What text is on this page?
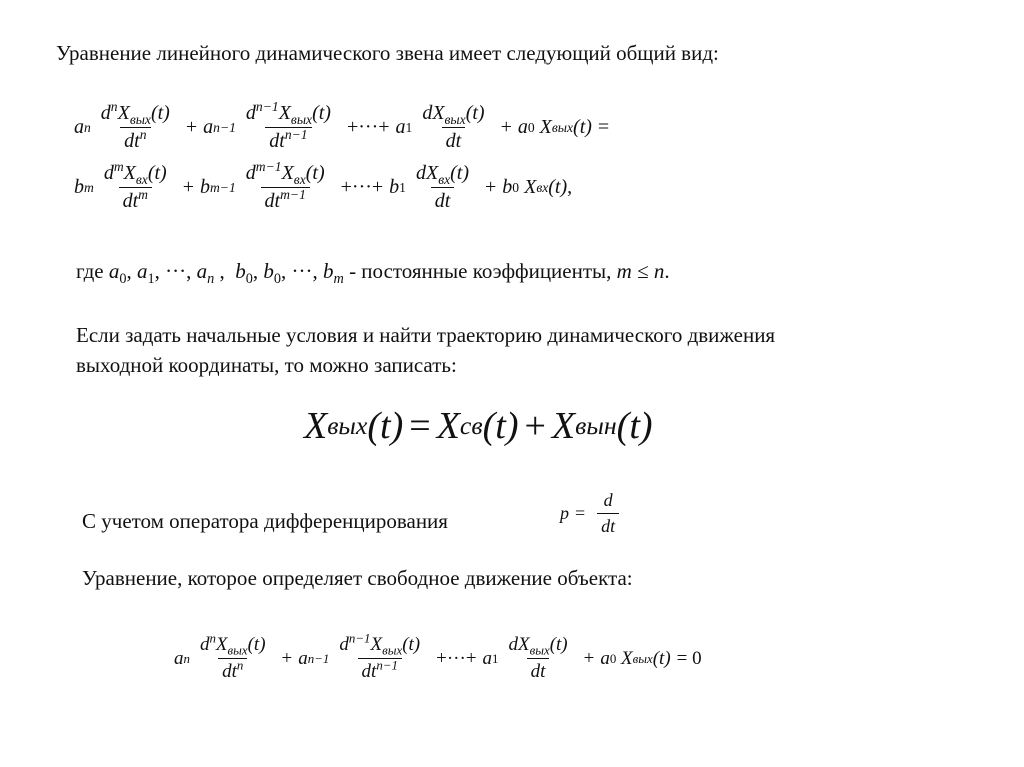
Уравнение линейного динамического звена имеет следующий общий вид:
a n $\frac{d^nX_{вых}(t)}{dt^n} + a$ $n-1 \frac{d^{n-1}X_{вых}(t)}{dt^{n-1}}$ +···+ a $1 \frac{dX_{вых}(t)}{dt} + a$ 0
X вых (t) =
b m $\frac{d^mX_{вх}(t)}{dt^m} + b$ $m-1 \frac{d^{m-1}X_{вх}(t)}{dt^{m-1}}$ +···+ b $1 \frac{dX_{вх}(t)}{dt} + b$ 0
X вх (t) ,
где $a_0$, $a_1$, ···, $a_n$ ,  $b_0$, $b_0$, ···, $b_m$ - постоянные коэффициенты, m ≤ n.
Если задать начальные условия и найти траекторию динамического движения
выходной координаты, то можно записать:
X вых (t) = X св (t) + X вын (t)
С учетом оператора дифференцирования	$p = \frac{d}{dt}$
Уравнение, которое определяет свободное движение объекта:
a n $\frac{d^nX_{вых}(t)}{dt^n} + a$ $n-1 \frac{d^{n-1}X_{вых}(t)}{dt^{n-1}}$ +···+ a $1 \frac{dX_{вых}(t)}{dt} + a$ 0
X вых (t) = 0
